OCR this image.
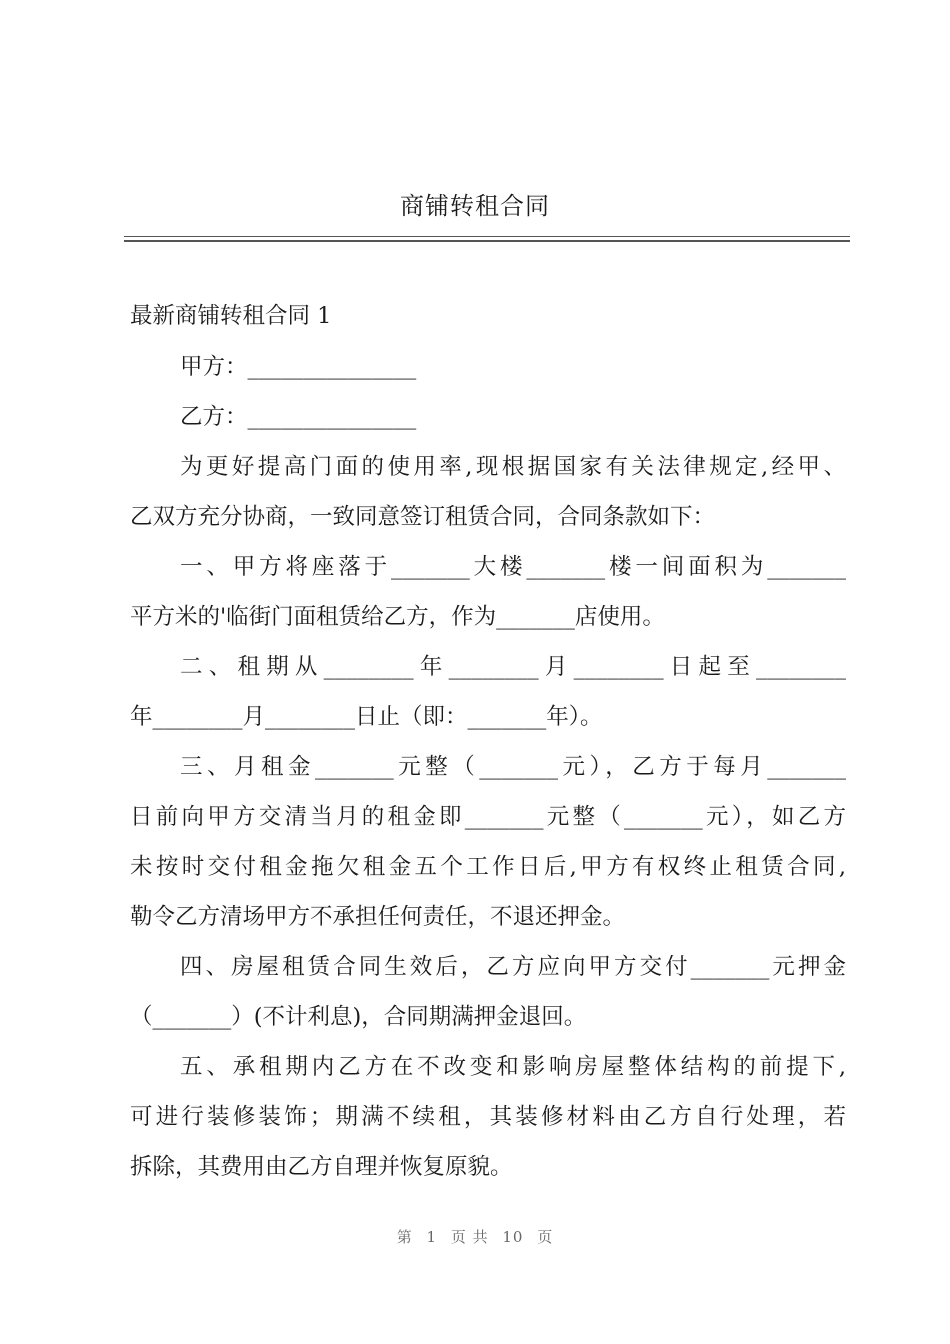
商铺转租合同
最新商铺转租合同 1
甲方：_______________
乙方：_______________
为更好提高门面的使用率,现根据国家有关法律规定,经甲、
乙双方充分协商，一致同意签订租赁合同，合同条款如下：
一、甲方将座落于_______大楼_______楼一间面积为_______
平方米的'临街门面租赁给乙方，作为_______店使用。
二、租期从________年________月________日起至________
年________月________日止（即：_______年）。
三、月租金_______元整（_______元），乙方于每月_______
日前向甲方交清当月的租金即_______元整（_______元），如乙方
未按时交付租金拖欠租金五个工作日后,甲方有权终止租赁合同,
勒令乙方清场甲方不承担任何责任，不退还押金。
四、房屋租赁合同生效后，乙方应向甲方交付_______元押金
（_______）(不计利息)，合同期满押金退回。
五、承租期内乙方在不改变和影响房屋整体结构的前提下,
可进行装修装饰；期满不续租，其装修材料由乙方自行处理，若
拆除，其费用由乙方自理并恢复原貌。
第 1 页 共 10 页
